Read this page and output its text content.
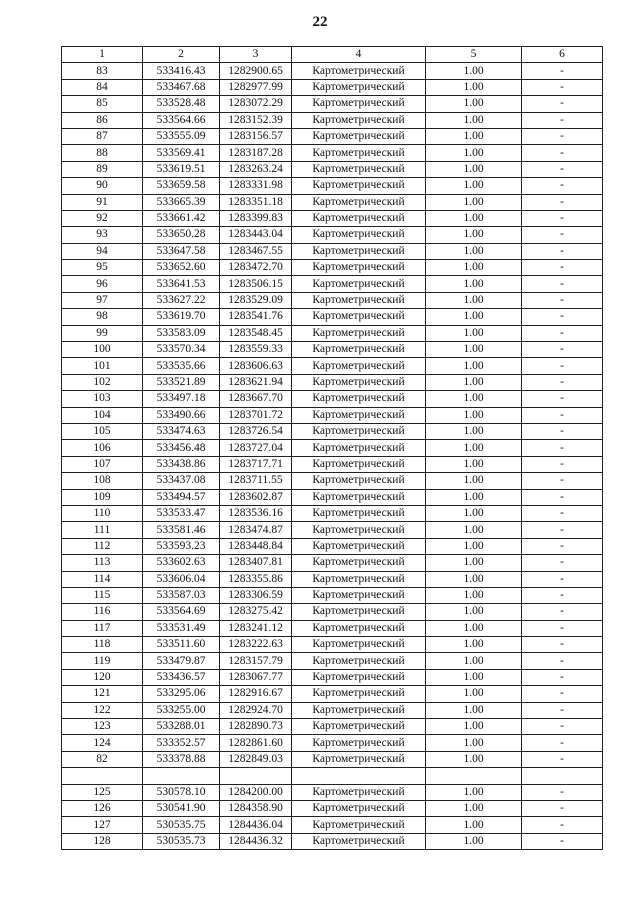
22
1	2	3	4	5	6
83	533416.43	1282900.65	Картометрический	1.00	-
84	533467.68	1282977.99	Картометрический	1.00	-
85	533528.48	1283072.29	Картометрический	1.00	-
86	533564.66	1283152.39	Картометрический	1.00	-
87	533555.09	1283156.57	Картометрический	1.00	-
88	533569.41	1283187.28	Картометрический	1.00	-
89	533619.51	1283263.24	Картометрический	1.00	-
90	533659.58	1283331.98	Картометрический	1.00	-
91	533665.39	1283351.18	Картометрический	1.00	-
92	533661.42	1283399.83	Картометрический	1.00	-
93	533650.28	1283443.04	Картометрический	1.00	-
94	533647.58	1283467.55	Картометрический	1.00	-
95	533652.60	1283472.70	Картометрический	1.00	-
96	533641.53	1283506.15	Картометрический	1.00	-
97	533627.22	1283529.09	Картометрический	1.00	-
98	533619.70	1283541.76	Картометрический	1.00	-
99	533583.09	1283548.45	Картометрический	1.00	-
100	533570.34	1283559.33	Картометрический	1.00	-
101	533535.66	1283606.63	Картометрический	1.00	-
102	533521.89	1283621.94	Картометрический	1.00	-
103	533497.18	1283667.70	Картометрический	1.00	-
104	533490.66	1283701.72	Картометрический	1.00	-
105	533474.63	1283726.54	Картометрический	1.00	-
106	533456.48	1283727.04	Картометрический	1.00	-
107	533438.86	1283717.71	Картометрический	1.00	-
108	533437.08	1283711.55	Картометрический	1.00	-
109	533494.57	1283602.87	Картометрический	1.00	-
110	533533.47	1283536.16	Картометрический	1.00	-
111	533581.46	1283474.87	Картометрический	1.00	-
112	533593.23	1283448.84	Картометрический	1.00	-
113	533602.63	1283407.81	Картометрический	1.00	-
114	533606.04	1283355.86	Картометрический	1.00	-
115	533587.03	1283306.59	Картометрический	1.00	-
116	533564.69	1283275.42	Картометрический	1.00	-
117	533531.49	1283241.12	Картометрический	1.00	-
118	533511.60	1283222.63	Картометрический	1.00	-
119	533479.87	1283157.79	Картометрический	1.00	-
120	533436.57	1283067.77	Картометрический	1.00	-
121	533295.06	1282916.67	Картометрический	1.00	-
122	533255.00	1282924.70	Картометрический	1.00	-
123	533288.01	1282890.73	Картометрический	1.00	-
124	533352.57	1282861.60	Картометрический	1.00	-
82	533378.88	1282849.03	Картометрический	1.00	-

125	530578.10	1284200.00	Картометрический	1.00	-
126	530541.90	1284358.90	Картометрический	1.00	-
127	530535.75	1284436.04	Картометрический	1.00	-
128	530535.73	1284436.32	Картометрический	1.00	-
